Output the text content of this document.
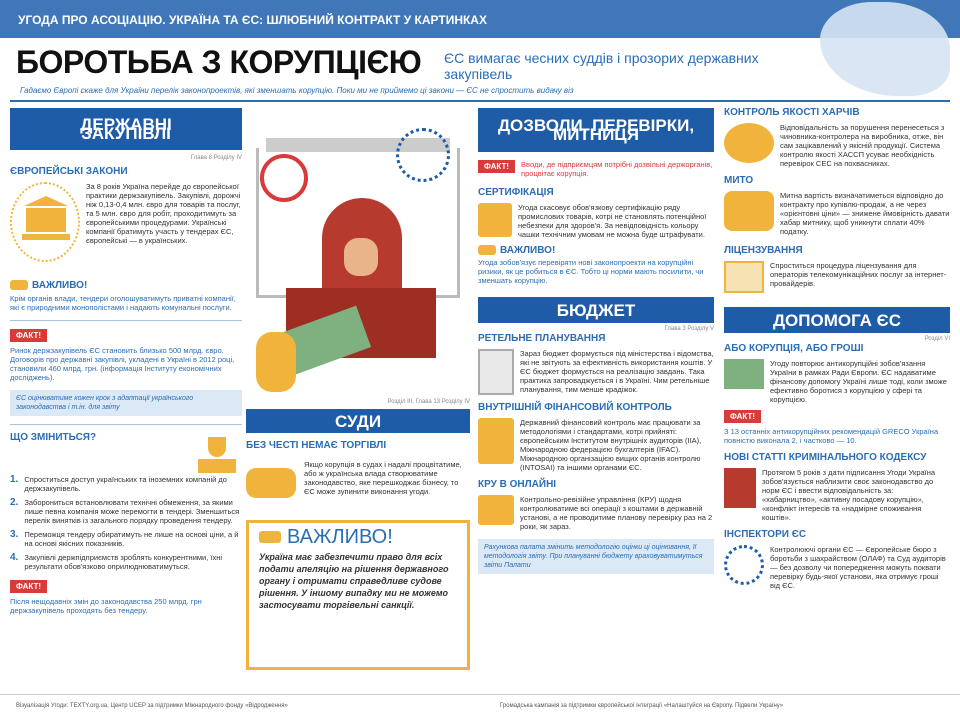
УГОДА ПРО АСОЦІАЦІЮ. УКРАЇНА ТА ЄС: ШЛЮБНИЙ КОНТРАКТ У КАРТИНКАХ
БОРОТЬБА З КОРУПЦІЄЮ ЄС вимагає чесних суддів і прозорих державних закупівель
Гадаємо Європі скаже для України перелік законопроектів, які зменшать корупцію. Поки ми не приймемо ці закони — ЄС не спростить видачу віз
ДЕРЖАВНІ ЗАКУПІВЛІ
Глава 8 Розділу IV
ЄВРОПЕЙСЬКІ ЗАКОНИ
За 8 років Україна перейде до європейської практики держзакупівель. Закупівлі, дорожчі ніж 0,13-0,4 млн. євро для товарів та послуг, та 5 млн. євро для робіт, проходитимуть за європейськими процедурами. Українські компанії братимуть участь у тендерах ЄС, європейські — в українських.
ВАЖЛИВО!
Крім органів влади, тендери оголошуватимуть приватні компанії, які є природними монополістами і надають комунальні послуги.
ФАКТ!
Ринок держзакупівель ЄС становить близько 500 млрд. євро. Договорів про державні закупівлі, укладені в Україні в 2012 році, становили 460 млрд. грн. (інформація Інституту економічних досліджень).
ЄС оцінюватиме кожен крок з адаптації українського законодавства і т.ін. для звіту
ЩО ЗМІНИТЬСЯ?
1. Спроститься доступ українських та іноземних компаній до держзакупівель.
2. Заборониться встановлювати технічні обмеження, за якими лише певна компанія може перемогти в тендері. Зменшиться перелік винятків із загального порядку проведення тендеру.
3. Переможця тендеру обиратимуть не лише на основі ціни, а й на основі якісних показників.
4. Закупівлі держпідприємств зроблять конкурентними, їхні результати обов'язково оприлюднюватимуться.
ФАКТ!
Після нещодавніх змін до законодавства 250 млрд. грн держзакупівель проходять без тендеру.
Розділ III, Глава 13 Розділу IV
СУДИ
БЕЗ ЧЕСТІ НЕМАЄ ТОРГІВЛІ
Якщо корупція в судах і надалі процвітатиме, або ж українська влада створюватиме законодавство, яке перешкоджає бізнесу, то ЄС може зупинити виконання угоди.
ВАЖЛИВО!
Україна має забезпечити право для всіх подати апеляцію на рішення державного органу і отримати справедливе судове рішення. У іншому випадку ми не можемо застосувати торгівельні санкції.
ДОЗВОЛИ, ПЕРЕВІРКИ, МИТНИЦЯ
ФАКТ!	Вводи, де підприємцям потрібні дозвільні держорганів, процвітає корупція.
СЕРТИФІКАЦІЯ
Угода скасовує обов'язкову сертифікацію ряду промислових товарів, котрі не становлять потенційної небезпеки для здоров'я. За невідповідність кольору чашки технічним умовам не можна буде штрафувати.
ВАЖЛИВО!
Угода зобов'язує перевіряти нові законопроекти на корупційні ризики, як це робиться в ЄС. Тобто ці норми мають посилити, чи зменшать корупцію.
БЮДЖЕТ
Глава 3 Розділу V
РЕТЕЛЬНЕ ПЛАНУВАННЯ
Зараз бюджет формується під міністерства і відомства, які не звітують за ефективність використання коштів. У ЄС бюджет формується на реалізацію завдань. Така практика запроваджується і в Україні. Чим ретельніше планування, тим менше крадіжок.
ВНУТРІШНІЙ ФІНАНСОВИЙ КОНТРОЛЬ
Державний фінансовий контроль має працювати за методологіями і стандартами, котрі прийняті: європейським Інститутом внутрішніх аудиторів (IIA), Міжнародною федерацією бухгалтерів (IFAC). Міжнародною організацією вищих органів контролю (INTOSAI) та іншими органами ЄС.
КРУ В ОНЛАЙНІ
Контрольно-ревізійне управління (КРУ) щодня контролюватиме всі операції з коштами в державній установі, а не проводитиме планову перевірку раз на 2 роки, як зараз.
Рахункова палата змінить методологію оцінки ці оцінювання, її методологія звіту. При плануванні бюджету враховуватимуться звіти Палати
КОНТРОЛЬ ЯКОСТІ ХАРЧІВ
Відповідальність за порушення перенесеться з чиновника-контролера на виробника, отже, він сам зацікавлений у якісній продукції. Система контролю якості ХАССП усуває необхідність перевірок СЕС на похвасниках.
МИТО
Митна вартість визначатиметься відповідно до контракту про купівлю-продаж, а не через «орієнтовні ціни» — знижене ймовірність давати хабар митнику, щоб уникнути сплати 40% податку.
ЛІЦЕНЗУВАННЯ
Спроститься процедура ліцензування для операторів телекомунікаційних послуг за інтернет-провайдерів.
ДОПОМОГА ЄС
Розділ VI
АБО КОРУПЦІЯ, АБО ГРОШІ
Угоду повторює антикорупційні зобов'язання України в рамках Ради Європи. ЄС надаватиме фінансову допомогу Україні лише тоді, коли зможе ефективно боротися з корупцією у сфері та корупцією.
ФАКТ!
З 13 останніх антикорупційних рекомендацій GRECO Україна повністю виконала 2, і частково — 10.
НОВІ СТАТТІ КРИМІНАЛЬНОГО КОДЕКСУ
Протягом 5 років з дати підписання Угоди Україна зобов'язується наблизити своє законодавство до норм ЄС і ввести відповідальність за: «хабарництво», «активну посадову корупцію», «конфлікт інтересів та «надмірне споживання коштів».
ІНСПЕКТОРИ ЄС
Контролюючі органи ЄС — Європейське бюро з боротьби з шахрайством (ОЛАФ) та Суд аудиторів — без дозволу чи попередження можуть поквати перевірку будь-якої установи, яка отримує гроші від ЄС.
Візуалізація Угоди: TEXTY.org.ua, Центр UCEP за підтримки Міжнародного фонду «Відродження»	Громадська кампанія за підтримки європейської інтеграції «Налаштуйся на Європу. Підвели Україну»
